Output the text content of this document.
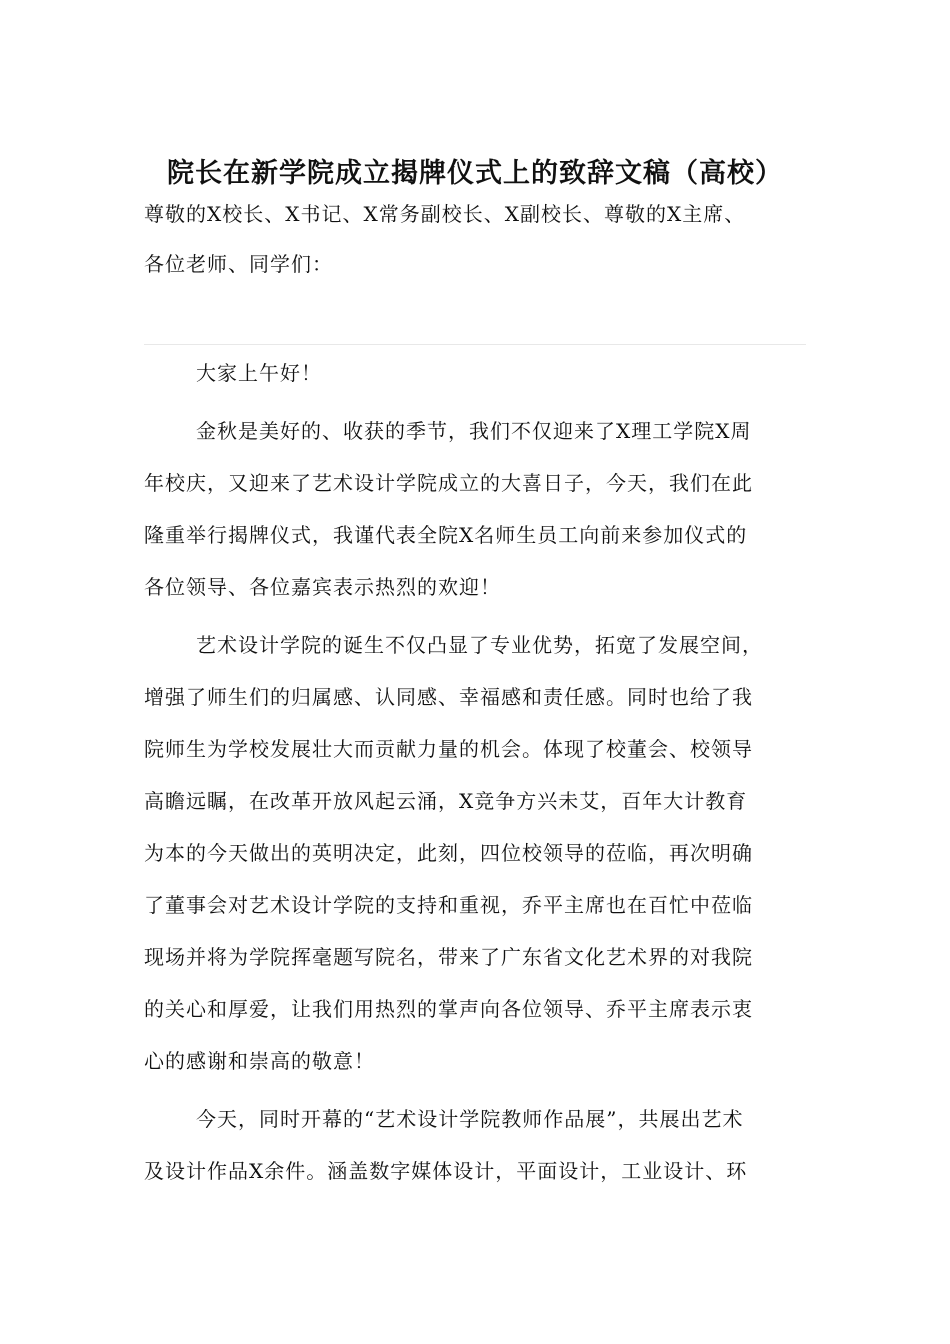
院长在新学院成立揭牌仪式上的致辞文稿（高校）
尊敬的X校长、X书记、X常务副校长、X副校长、尊敬的X主席、
各位老师、同学们：
大家上午好！
金秋是美好的、收获的季节，我们不仅迎来了X理工学院X周
年校庆，又迎来了艺术设计学院成立的大喜日子，今天，我们在此
隆重举行揭牌仪式，我谨代表全院X名师生员工向前来参加仪式的
各位领导、各位嘉宾表示热烈的欢迎！
艺术设计学院的诞生不仅凸显了专业优势，拓宽了发展空间，
增强了师生们的归属感、认同感、幸福感和责任感。同时也给了我
院师生为学校发展壮大而贡献力量的机会。体现了校董会、校领导
高瞻远瞩，在改革开放风起云涌，X竞争方兴未艾，百年大计教育
为本的今天做出的英明决定，此刻，四位校领导的莅临，再次明确
了董事会对艺术设计学院的支持和重视，乔平主席也在百忙中莅临
现场并将为学院挥毫题写院名，带来了广东省文化艺术界的对我院
的关心和厚爱，让我们用热烈的掌声向各位领导、乔平主席表示衷
心的感谢和崇高的敬意！
今天，同时开幕的“艺术设计学院教师作品展”，共展出艺术
及设计作品X余件。涵盖数字媒体设计，平面设计，工业设计、环
